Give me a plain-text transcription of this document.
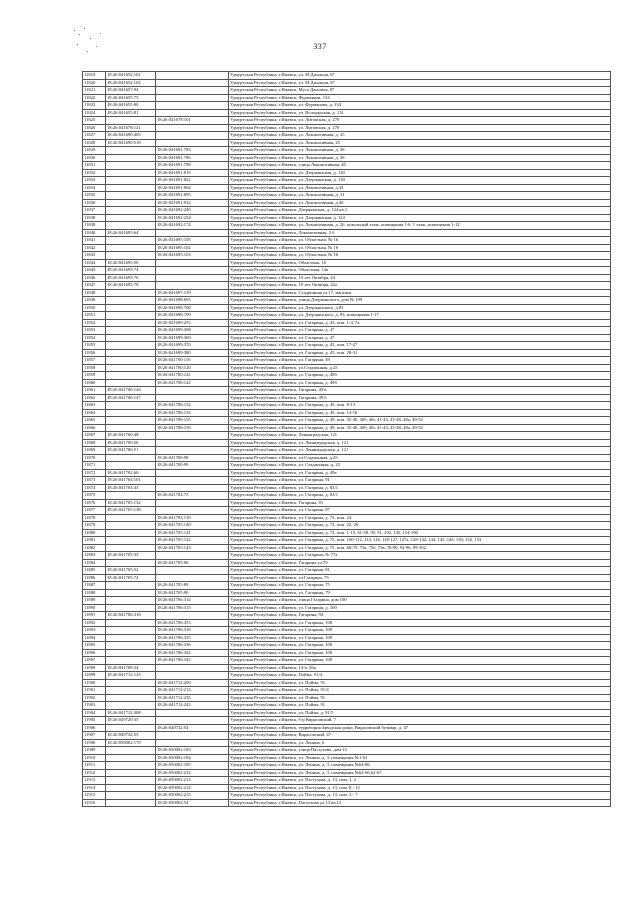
337
11819	18:26:041652:101		Удмуртская Республика, г.Ижевск, ул. М.Джалиля, 87
11820	18:26:041652:102		Удмуртская Республика, г.Ижевск, ул. М.Джалиля, 87
11821	18:26:041657:94		Удмуртская Республика, г.Ижевск, Муса Джалиля, 87
11822	18:26:041655:75		Удмуртская Республика, г.Ижевск, Фурманова, 134
11823	18:26:041655:80		Удмуртская Республика, г.Ижевск, ул. Фурманова, д. 134
11824	18:26:041655:81		Удмуртская Республика, г.Ижевск, ул. Володарская, д. 131
11825		18:26:041678:101	Удмуртская Республика, г.Ижевск, ул. Литовская, д. 270
11826	18:26:041678:121		Удмуртская Республика, г.Ижевск, ул. Литовская, д. 270
11827	18:26:041690:405		Удмуртская Республика, г.Ижевск, ул. Локомотивная, д. 25
11828	18:26:041690:518		Удмуртская Республика, г.Ижевск, ул. Локомотивная, 25
11829		18:26:041691:783	Удмуртская Республика, г.Ижевск, ул. Локомотивная, д. 38
11830		18:26:041691:786	Удмуртская Республика, г.Ижевск, ул. Локомотивная, д. 38
11831		18:26:041691:790	Удмуртская Республика, г.Ижевск, улица Локомотивная, 40
11832		18:26:041691:819	Удмуртская Республика, г.Ижевск, ул. Дзержинская, д. 130
11833		18:26:041691:822	Удмуртская Республика, г.Ижевск, ул. Дзержинская, д. 130
11834		18:26:041691:864	Удмуртская Республика, г.Ижевск, ул. Локомотивная, д.34
11835		18:26:041691:895	Удмуртская Республика, г.Ижевск, ул. Локомотивная, д. 31
11836		18:26:041691:932	Удмуртская Республика, г.Ижевск, ул. Локомотивная, д.40
11837		18:26:041692:240	Удмуртская Республика, г.Ижевск, Дзержинская, д. 124 кв.1
11838		18:26:041692:254	Удмуртская Республика, г.Ижевск, ул. Дзержинская, д. 124
11839		18:26:041692:174	Удмуртская Республика, г.Ижевск, ул. Локомотивная, д. 26, цокольный этаж, помещения 1-6, 1 этаж, помещения 1-12
11840	18:26:041695:64		Удмуртская Республика, г.Ижевск, Локомотивная, 3 б
11841		18:26:041695:105	Удмуртская Республика, г.Ижевск, ул. Областная, № 16
11842		18:26:041695:102	Удмуртская Республика, г.Ижевск, ул. Областная, № 16
11843		18:26:041695:103	Удмуртская Республика, г.Ижевск, ул. Областная, № 16
11844	18:26:041695:50		Удмуртская Республика, г.Ижевск, Областная, 16
11845	18:26:041695:74		Удмуртская Республика, г.Ижевск, Областная, 14а
11846	18:26:041695:76		Удмуртская Республика, г.Ижевск, 10 лет Октября, 44
11847	18:26:041695:78		Удмуртская Республика, г.Ижевск, 10 лет Октября, 42а
11848		18:26:041697:139	Удмуртская Республика, г.Ижевск, Стадионная ул.17, магазин
11849		18:26:041698:693	Удмуртская Республика, г.Ижевск, улица Дзержинского, дом № 109
11850		18:26:041698:700	Удмуртская Республика, г.Ижевск, ул. Дзержинского, д.83
11851		18:26:041698:709	Удмуртская Республика, г.Ижевск, ул. Дзержинского, д. 83, помещения 1-17
11852		18:26:041699:255	Удмуртская Республика, г.Ижевск, ул. Гагарина, д. 43, пом. 1-4, 7а
11853		18:26:041699:368	Удмуртская Республика, г.Ижевск, ул. Гагарина, д. 47
11854		18:26:041699:369	Удмуртская Республика, г.Ижевск, ул. Гагарина, д. 47
11855		18:26:041699:370	Удмуртская Республика, г.Ижевск, ул. Гагарина, д. 45, пом. 17-27
11856		18:26:041699:380	Удмуртская Республика, г.Ижевск, ул. Гагарина, д. 45, пом. 28-31
11857		18:26:041700:116	Удмуртская Республика, г.Ижевск, ул. Гагарина, 49
11858		18:26:041700:120	Удмуртская Республика, г.Ижевск, ул.Стадионная, д.25
11859		18:26:041700:141	Удмуртская Республика, г.Ижевск, ул. Гагарина, д. 49б
11860		18:26:041700:142	Удмуртская Республика, г.Ижевск, ул. Гагарина, д. 49б
11861	18:26:041700:144		Удмуртская Республика, г.Ижевск, Гагарина, 49 в
11862	18:26:041700:147		Удмуртская Республика, г.Ижевск, Гагарина, 49 б
11863		18:26:041700:152	Удмуртская Республика, г.Ижевск, ул. Гагарина, д. 49, пом. 8-13
11864		18:26:041700:154	Удмуртская Республика, г.Ижевск, ул. Гагарина, д. 49, пом. 14-16
11865		18:26:041700:155	Удмуртская Республика, г.Ижевск, ул. Гагарина, д. 49, пом. 35-40, 40б, 40г, 41-43, 45-48, 48а, 49-52
11866		18:26:041700:156	Удмуртская Республика, г.Ижевск, ул. Гагарина, д. 49, пом. 35-40, 40б, 40г, 41-43, 45-48, 48а, 49-52
11867	18:26:041700:48		Удмуртская Республика, г.Ижевск, Ленинградская, 121
11868	18:26:041700:50		Удмуртская Республика, г.Ижевск, ул. Ленинградская, д. 121
11869	18:26:041700:51		Удмуртская Республика, г.Ижевск, ул. Ленинградская, д. 121
11870		18:26:041700:98	Удмуртская Республика, г.Ижевск, ул.Стадионная, д.25
11871		18:26:041700:99	Удмуртская Республика, г.Ижевск, ул. Стадионная, д. 25
11872	18:26:041702:60		Удмуртская Республика, г.Ижевск, ул. Гагарина, д. 49а
11873	18:26:041704:101		Удмуртская Республика, г.Ижевск, ул. Гагарина, 91
11874	18:26:041704:43		Удмуртская Республика, г.Ижевск, ул. Гагарина, д. 83/1
11875		18:26:041704:75	Удмуртская Республика, г.Ижевск, ул. Гагарина, д. 83/1
11876	18:26:041705:132		Удмуртская Республика, г.Ижевск, Гагарина, 81
11877	18:26:041705:138		Удмуртская Республика, г.Ижевск, ул. Гагарина, 87
11878		18:26:041705:139	Удмуртская Республика, г.Ижевск, ул. Гагарина, д. 73, пом. 24
11879		18:26:041705:140	Удмуртская Республика, г.Ижевск, ул. Гагарина, д. 73, пом. 25, 26
11880		18:26:041705:141	Удмуртская Республика, г.Ижевск, ул. Гагарина, д. 73, пом. 1-15, 31-58, 59, 91, 102, 145, 154-196
11881		18:26:041705:142	Удмуртская Республика, г.Ижевск, ул. Гагарина, д. 75, пом. 100-112, 114, 116, 118-127, 127а, 128-142, 144, 145, 146, 150, 152, 153
11882		18:26:041705:143	Удмуртская Республика, г.Ижевск, ул. Гагарина, д. 75, пом. 60-75, 75а, 75б, 75в, 76-90, 92-96, 99-102
11883	18:26:041705:35		Удмуртская Республика, г.Ижевск, ул. Гагарина, № 77а
11884		18:26:041705:96	Удмуртская Республика, г.Ижевск, Гагарина ул.79
11885	18:26:041705:52		Удмуртская Республика, г.Ижевск, ул. Гагарина, 81
11886	18:26:041705:74		Удмуртская Республика, г.Ижевск, ул.Гагарина, 75
11887		18:26:041705:89	Удмуртская Республика, г.Ижевск, ул. Гагарина, 75
11888		18:26:041705:90	Удмуртская Республика, г.Ижевск, ул. Гагарина, 79
11889		18:26:041706:314	Удмуртская Республика, г.Ижевск, улица Гагарина, дом 100
11890		18:26:041706:315	Удмуртская Республика, г.Ижевск, ул. Гагарина, д. 100
11891	18:26:041706:316		Удмуртская Республика, г.Ижевск, Гагарина, 94
11892		18:26:041706:353	Удмуртская Республика, г.Ижевск, ул. Гагарина, 100
11893		18:26:041706:318	Удмуртская Республика, г.Ижевск, ул. Гагарина, 100
11894		18:26:041706:335	Удмуртская Республика, г.Ижевск, ул. Гагарина, 100
11895		18:26:041706:336	Удмуртская Республика, г.Ижевск, ул. Гагарина, 100
11896		18:26:041706:342	Удмуртская Республика, г.Ижевск, ул. Гагарина, 100
11897		18:26:041706:343	Удмуртская Республика, г.Ижевск, ул. Гагарина, 100
11898	18:26:041708:24		Удмуртская Республика, г.Ижевск, 14-я, 56а
11899	18:26:041712:123		Удмуртская Республика, г.Ижевск, Пойма, 91/4
11900		18:26:041712:209	Удмуртская Республика, г.Ижевск, ул. Пойма, 91
11901		18:26:041712:213	Удмуртская Республика, г.Ижевск, ул. Пойма, 91/4
11902		18:26:041712:235	Удмуртская Республика, г.Ижевск, ул. Пойма, 91
11903		18:26:041712:243	Удмуртская Республика, г.Ижевск, ул. Пойма, 91
11904	18:26:041712:308		Удмуртская Республика, г.Ижевск, ул. Пойма, д. 91/5
11905	18:26:049720:35		Удмуртская Республика, г.Ижевск, б-р Вирасовский, 7
11906		18:26:049732:54	Удмуртская Республика, г.Ижевск, территория Заводская роща, Вирасовский бульвар, д. 47
11907	18:26:049732:55		Удмуртская Республика, г.Ижевск, Вирасовский, 47
11908	18:26:050002:179		Удмуртская Республика, г.Ижевск, ул. Ленина, 6
11909		18:26:050002:183	Удмуртская Республика, г.Ижевск, улица Пастухова, дом 13
11910		18:26:050002:184	Удмуртская Республика, г.Ижевск, ул. Ленина, д. 3, помещения №1-61
11911		18:26:050002:185	Удмуртская Республика, г.Ижевск, ул. Ленина, д. 3, помещения №64-86
11912		18:26:050002:212	Удмуртская Республика, г.Ижевск, ул. Ленина, д. 3, помещения №62-66,62-67
11913		18:26:050002:213	Удмуртская Республика, г.Ижевск, ул. Пастухова, д. 13, пом. 1, 2
11914		18:26:050002:214	Удмуртская Республика, г.Ижевск, ул. Пастухова, д. 13, пом. 8 - 12
11915		18:26:050002:215	Удмуртская Республика, г.Ижевск, ул. Пастухова, д. 13, пом. 3 - 7
11916		18:26:050002:54	Удмуртская Республика, г.Ижевск, Пастухова ул.13 кв.12
